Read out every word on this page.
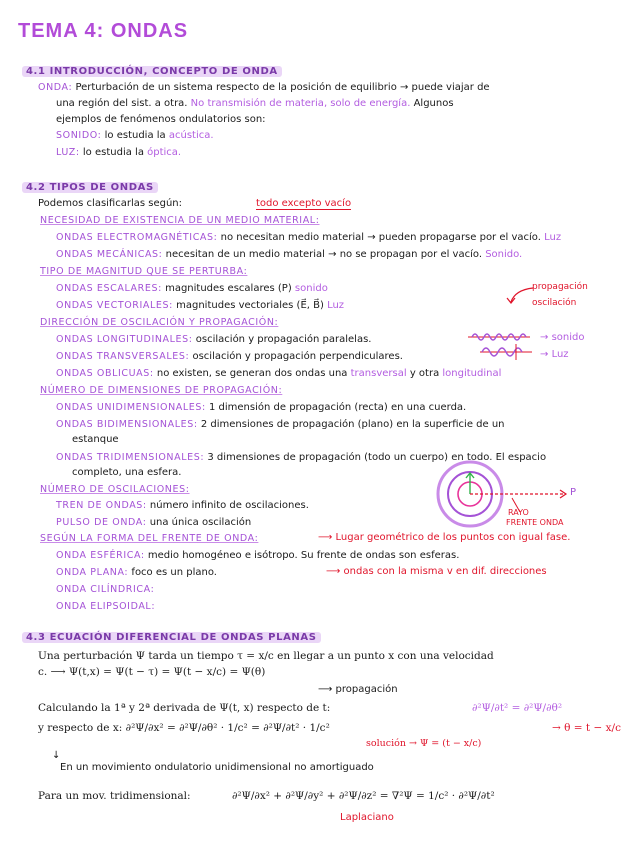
TEMA 4: ONDAS
4.1 INTRODUCCIÓN, CONCEPTO DE ONDA
ONDA: Perturbación de un sistema respecto de la posición de equilibrio → puede viajar de
una región del sist. a otra. No transmisión de materia, solo de energía. Algunos
ejemplos de fenómenos ondulatorios son:
SONIDO: lo estudia la acústica.
LUZ: lo estudia la óptica.
4.2 TIPOS DE ONDAS
Podemos clasificarlas según:	todo excepto vacío
NECESIDAD DE EXISTENCIA DE UN MEDIO MATERIAL:
ONDAS ELECTROMAGNÉTICAS: no necesitan medio material → pueden propagarse por el vacío. Luz
ONDAS MECÁNICAS: necesitan de un medio material → no se propagan por el vacío. Sonido.
TIPO DE MAGNITUD QUE SE PERTURBA:
ONDAS ESCALARES: magnitudes escalares (P) sonido
ONDAS VECTORIALES: magnitudes vectoriales (E⃗, B⃗) Luz
propagación
oscilación
DIRECCIÓN DE OSCILACIÓN Y PROPAGACIÓN:
ONDAS LONGITUDINALES: oscilación y propagación paralelas.	→ sonido
ONDAS TRANSVERSALES: oscilación y propagación perpendiculares.	→ Luz
ONDAS OBLICUAS: no existen, se generan dos ondas una transversal y otra longitudinal
NÚMERO DE DIMENSIONES DE PROPAGACIÓN:
ONDAS UNIDIMENSIONALES: 1 dimensión de propagación (recta) en una cuerda.
ONDAS BIDIMENSIONALES: 2 dimensiones de propagación (plano) en la superficie de un
estanque
ONDAS TRIDIMENSIONALES: 3 dimensiones de propagación (todo un cuerpo) en todo. El espacio
completo, una esfera.
NÚMERO DE OSCILACIONES:
TREN DE ONDAS: número infinito de oscilaciones.
PULSO DE ONDA: una única oscilación
P
RAYO
FRENTE ONDA
SEGÚN LA FORMA DEL FRENTE DE ONDA:	⟶ Lugar geométrico de los puntos con igual fase.
ONDA ESFÉRICA: medio homogéneo e isótropo. Su frente de ondas son esferas.
ONDA PLANA: foco es un plano.	⟶ ondas con la misma v en dif. direcciones
ONDA CILÍNDRICA:
ONDA ELIPSOIDAL:
4.3 ECUACIÓN DIFERENCIAL DE ONDAS PLANAS
Una perturbación Ψ tarda un tiempo τ = x/c en llegar a un punto x con una velocidad
c. ⟶ Ψ(t,x) = Ψ(t − τ) = Ψ(t − x/c) = Ψ(θ)
⟶ propagación
Calculando la 1ª y 2ª derivada de Ψ(t, x) respecto de t:	∂²Ψ/∂t² = ∂²Ψ/∂θ²
y respecto de x: ∂²Ψ/∂x² = ∂²Ψ/∂θ² · 1/c² = ∂²Ψ/∂t² · 1/c²
solución → Ψ = (t − x/c)
→ θ = t − x/c
↓
En un movimiento ondulatorio unidimensional no amortiguado
Para un mov. tridimensional:	∂²Ψ/∂x² + ∂²Ψ/∂y² + ∂²Ψ/∂z² = ∇²Ψ = 1/c² · ∂²Ψ/∂t²
Laplaciano
